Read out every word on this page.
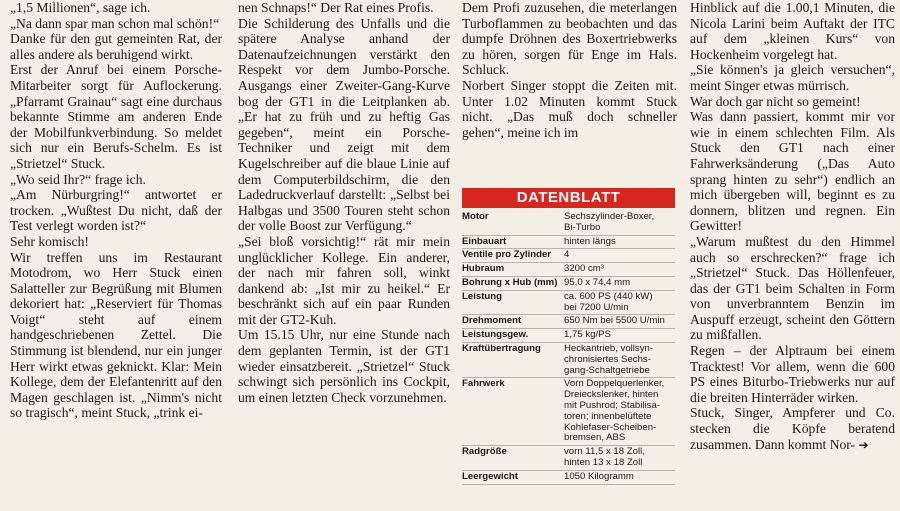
„1,5 Millionen“, sage ich.

„Na dann spar man schon mal schön!“

Danke für den gut gemeinten Rat, der alles andere als beruhigend wirkt.

Erst der Anruf bei einem Porsche-Mitarbeiter sorgt für Auflockerung. „Pfarramt Grainau“ sagt eine durchaus bekannte Stimme am anderen Ende der Mobilfunkverbindung. So meldet sich nur ein Berufs-Schelm. Es ist „Strietzel“ Stuck.

„Wo seid Ihr?“ frage ich.

„Am Nürburgring!“ antwortet er trocken. „Wußtest Du nicht, daß der Test verlegt worden ist?“

Sehr komisch!

Wir treffen uns im Restaurant Motodrom, wo Herr Stuck einen Salatteller zur Begrüßung mit Blumen dekoriert hat: „Reserviert für Thomas Voigt“ steht auf einem handgeschriebenen Zettel. Die Stimmung ist blendend, nur ein junger Herr wirkt etwas geknickt. Klar: Mein Kollege, dem der Elefantenritt auf den Magen geschlagen ist. „Nimm's nicht so tragisch“, meint Stuck, „trink ei-

nen Schnaps!“ Der Rat eines Profis.

Die Schilderung des Unfalls und die spätere Analyse anhand der Datenaufzeichnungen verstärkt den Respekt vor dem Jumbo-Porsche. Ausgangs einer Zweiter-Gang-Kurve bog der GT1 in die Leitplanken ab. „Er hat zu früh und zu heftig Gas gegeben“, meint ein Porsche-Techniker und zeigt mit dem Kugelschreiber auf die blaue Linie auf dem Computerbildschirm, die den Ladedruckverlauf darstellt: „Selbst bei Halbgas und 3500 Touren steht schon der volle Boost zur Verfügung.“

„Sei bloß vorsichtig!“ rät mir mein unglücklicher Kollege. Ein anderer, der nach mir fahren soll, winkt dankend ab: „Ist mir zu heikel.“ Er beschränkt sich auf ein paar Runden mit der GT2-Kuh.

Um 15.15 Uhr, nur eine Stunde nach dem geplanten Termin, ist der GT1 wieder einsatzbereit. „Strietzel“ Stuck schwingt sich persönlich ins Cockpit, um einen letzten Check vorzunehmen.

Dem Profi zuzusehen, die meterlangen Turboflammen zu beobachten und das dumpfe Dröhnen des Boxertriebwerks zu hören, sorgen für Enge im Hals. Schluck.

Norbert Singer stoppt die Zeiten mit. Unter 1.02 Minuten kommt Stuck nicht. „Das muß doch schneller gehen“, meine ich im

DATENBLATT
Motor	Sechszylinder-Boxer,
Bi-Turbo
Einbauart	hinten längs
Ventile pro Zylinder	4
Hubraum	3200 cm³
Bohrung x Hub (mm) 95,0 x 74,4 mm
Leistung	ca. 600 PS (440 kW)
bei 7200 U/min
Drehmoment	650 Nm bei 5500 U/min
Leistungsgew.	1,75 kg/PS
Kraftübertragung	Heckantrieb, vollsyn-
chronisiertes Sechs-
gang-Schaltgetriebe
Fahrwerk	Vorn Doppelquerlenker,
Dreieckslenker, hinten
mit Pushrod; Stabilisa-
toren; innenbelüftete
Kohlefaser-Scheiben-
bremsen, ABS
Radgröße	vorn 11,5 x 18 Zoll,
hinten 13 x 18 Zoll
Leergewicht	1050 Kilogramm

Hinblick auf die 1.00,1 Minuten, die Nicola Larini beim Auftakt der ITC auf dem „kleinen Kurs“ von Hockenheim vorgelegt hat.

„Sie können's ja gleich versuchen“, meint Singer etwas mürrisch.

War doch gar nicht so gemeint!

Was dann passiert, kommt mir vor wie in einem schlechten Film. Als Stuck den GT1 nach einer Fahrwerksänderung („Das Auto sprang hinten zu sehr“) endlich an mich übergeben will, beginnt es zu donnern, blitzen und regnen. Ein Gewitter!

„Warum mußtest du den Himmel auch so erschrecken?“ frage ich „Strietzel“ Stuck. Das Höllenfeuer, das der GT1 beim Schalten in Form von unverbranntem Benzin im Auspuff erzeugt, scheint den Göttern zu mißfallen.

Regen – der Alptraum bei einem Tracktest! Vor allem, wenn die 600 PS eines Biturbo-Triebwerks nur auf die breiten Hinterräder wirken.

Stuck, Singer, Ampferer und Co. stecken die Köpfe beratend zusammen. Dann kommt Nor- ➔
